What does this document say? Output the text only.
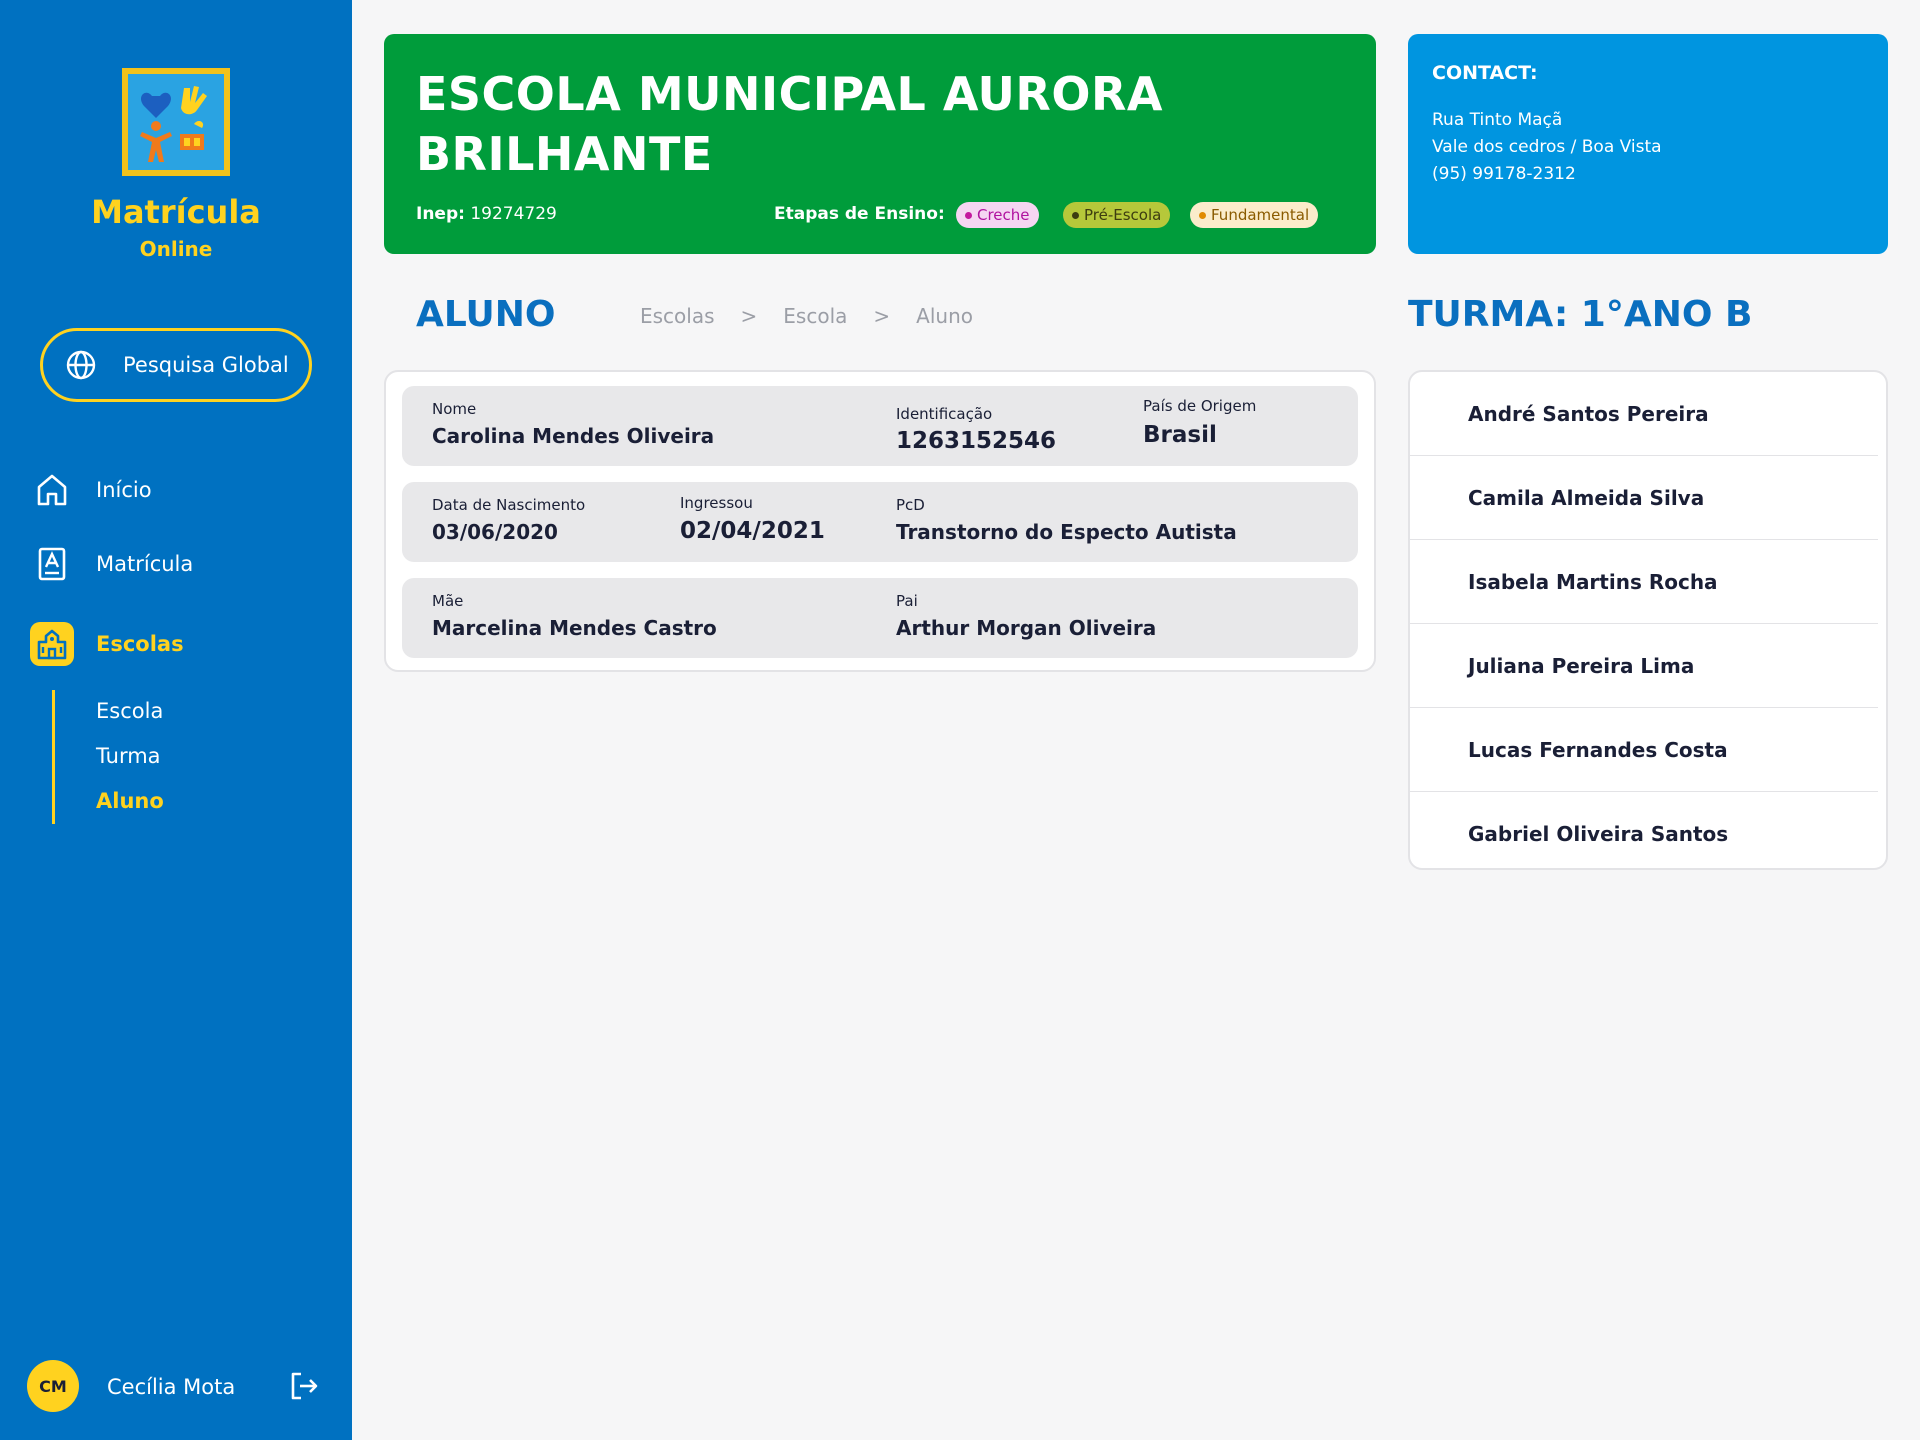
Matrícula
Online
Pesquisa Global
Início
Matrícula
Escolas
Escola
Turma
Aluno
CM	Cecília Mota
ESCOLA MUNICIPAL AURORA BRILHANTE
Inep: 19274729	Etapas de Ensino: Creche	Pré-Escola	Fundamental
CONTACT:
Rua Tinto Maçã
Vale dos cedros / Boa Vista
(95) 99178-2312
ALUNO	Escolas > Escola > Aluno
Nome
Carolina Mendes Oliveira
Identificação
1263152546
País de Origem
Brasil
Data de Nascimento
03/06/2020
Ingressou
02/04/2021
PcD
Transtorno do Especto Autista
Mãe
Marcelina Mendes Castro
Pai
Arthur Morgan Oliveira
TURMA: 1°ANO B
André Santos Pereira
Camila Almeida Silva
Isabela Martins Rocha
Juliana Pereira Lima
Lucas Fernandes Costa
Gabriel Oliveira Santos
